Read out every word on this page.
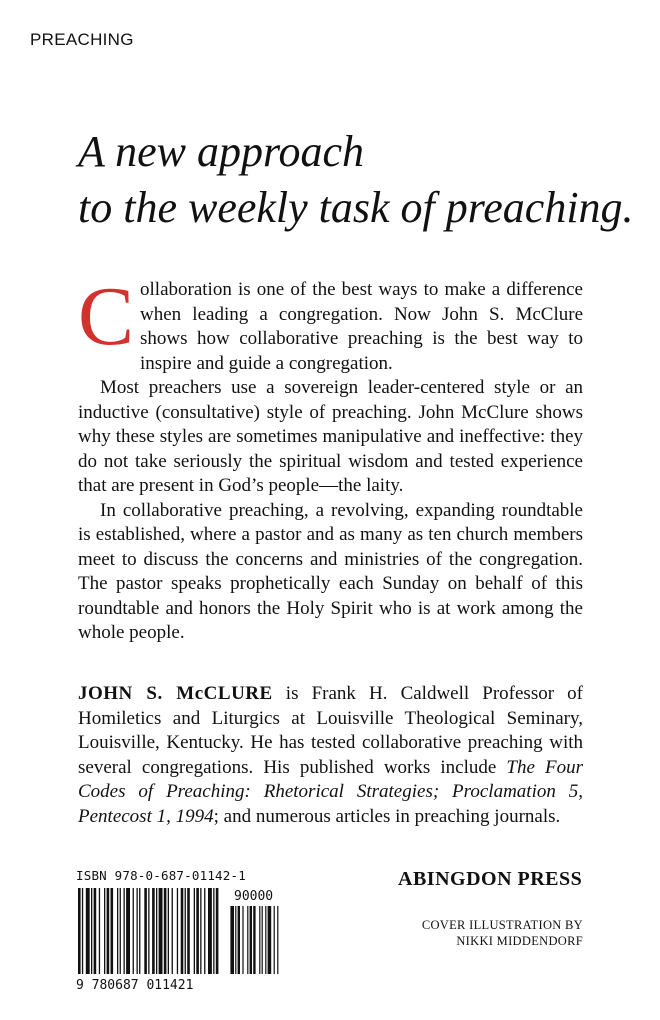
PREACHING
A new approach
to the weekly task of preaching.

Collaboration is one of the best ways to make a difference when leading a congregation. Now John S. McClure shows how collaborative preaching is the best way to inspire and guide a congregation.

Most preachers use a sovereign leader-centered style or an inductive (consultative) style of preaching. John McClure shows why these styles are sometimes manipulative and ineffective: they do not take seriously the spiritual wisdom and tested experience that are present in God’s people—the laity.

In collaborative preaching, a revolving, expanding roundtable is established, where a pastor and as many as ten church members meet to discuss the concerns and ministries of the congregation. The pastor speaks prophetically each Sunday on behalf of this roundtable and honors the Holy Spirit who is at work among the whole people.

JOHN S. McCLURE is Frank H. Caldwell Professor of Homiletics and Liturgics at Louisville Theological Seminary, Louisville, Kentucky. He has tested collaborative preaching with several congregations. His published works include The Four Codes of Preaching: Rhetorical Strategies; Proclamation 5, Pentecost 1, 1994; and numerous articles in preaching journals.
ISBN 978-0-687-01142-1
90000
9 780687 011421
ABINGDON PRESS
COVER ILLUSTRATION BY
NIKKI MIDDENDORF
